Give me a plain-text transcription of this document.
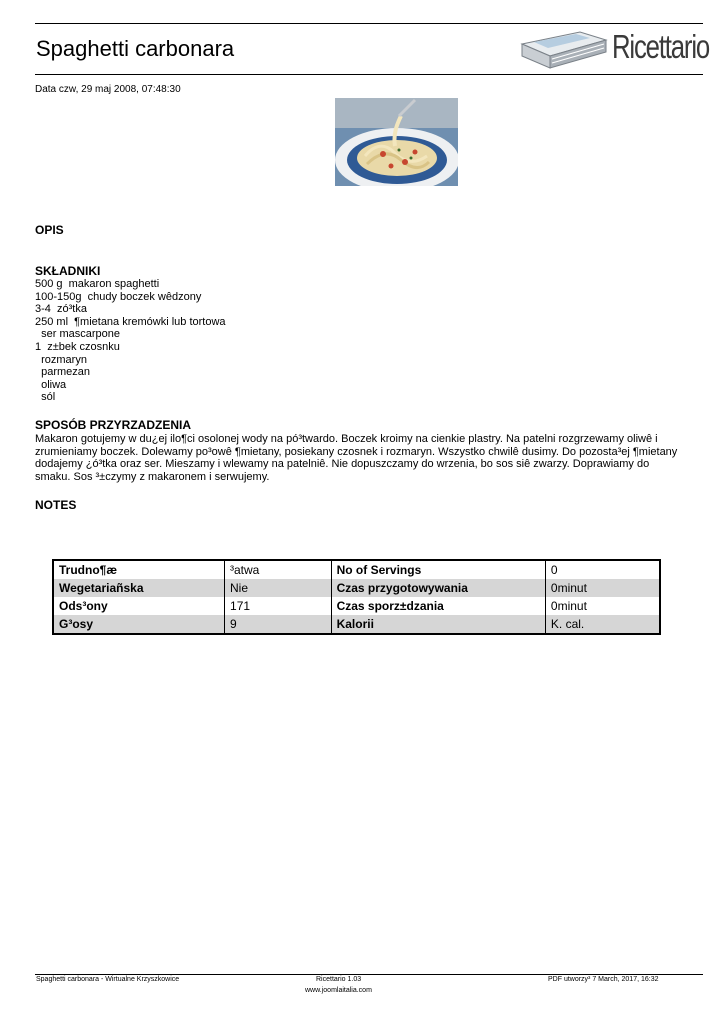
Spaghetti carbonara	Ricettario
Data czw, 29 maj 2008, 07:48:30
OPIS
SKŁADNIKI
500 g  makaron spaghetti
100-150g  chudy boczek wêdzony
3-4  zó³tka
250 ml  ¶mietana kremówki lub tortowa
ser mascarpone
1  z±bek czosnku
rozmaryn
parmezan
oliwa
sól
SPOSÓB PRZYRZADZENIA
Makaron gotujemy w du¿ej ilo¶ci osolonej wody na pó³twardo. Boczek kroimy na cienkie plastry. Na patelni rozgrzewamy oliwê i zrumieniamy boczek. Dolewamy po³owê ¶mietany, posiekany czosnek i rozmaryn. Wszystko chwilê dusimy. Do pozosta³ej ¶mietany dodajemy ¿ó³tka oraz ser. Mieszamy i wlewamy na patelniê. Nie dopuszczamy do wrzenia, bo sos siê zwarzy. Doprawiamy do smaku. Sos ³±czymy z makaronem i serwujemy.
NOTES
Trudno¶æ	³atwa	No of Servings	0
Wegetariañska	Nie	Czas przygotowywania	0minut
Ods³ony	171	Czas sporz±dzania	0minut
G³osy	9	Kalorii	K. cal.
Spaghetti carbonara - Wirtualne Krzyszkowice	Ricettario 1.03
www.joomlaitalia.com
PDF utworzy³ 7 March, 2017, 16:32
